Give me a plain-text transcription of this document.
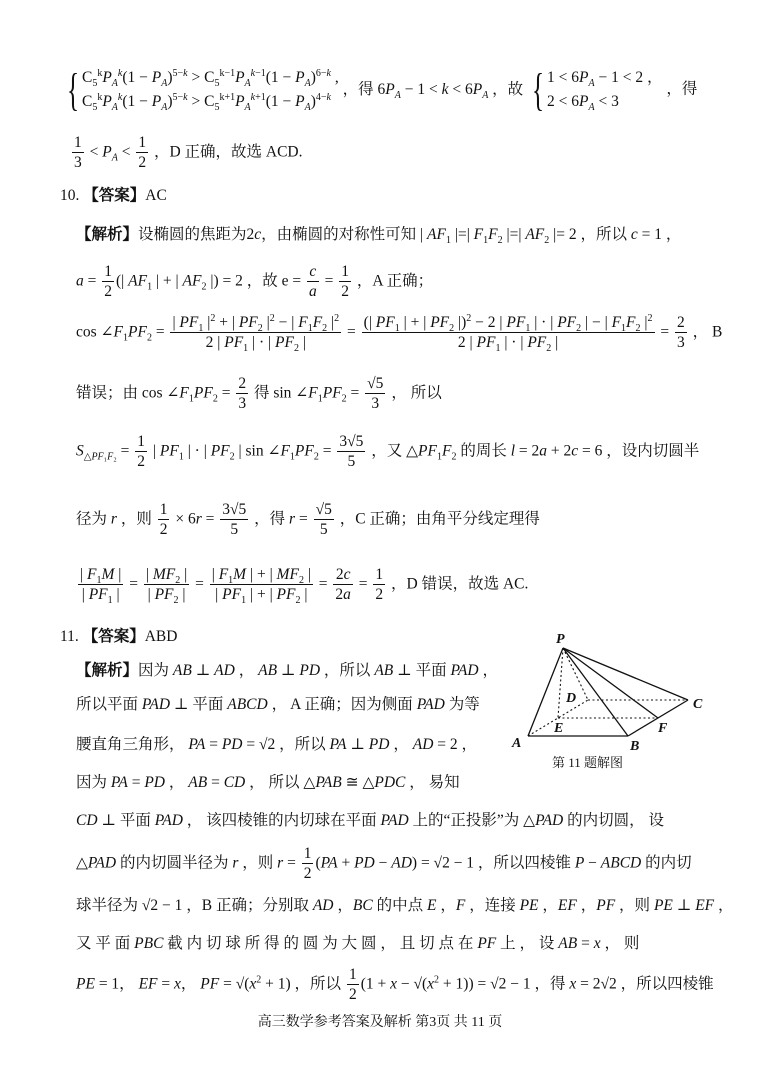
{ $C_5^kP_A^k(1 - P_A)^{5-k} > C_5^{k-1}P_A^{k-1}(1 - P_A)^{6-k}$ ,
$C_5^kP_A^k(1 - P_A)^{5-k} > C_5^{k+1}P_A^{k+1}(1 - P_A)^{4-k}$ ，得 $6P_A - 1 < k < 6P_A$ ，故 { $1 < 6P_A - 1 < 2$ ，
$2 < 6P_A < 3$ ，得
$\frac{1}{3} < P_A < \frac{1}{2}$ ，D 正确，故选 ACD.
10. 【答案】AC
【解析】设椭圆的焦距为2c，由椭圆的对称性可知 | $AF_1$ |=| $F_1F_2$ |=| $AF_2$ |= 2 ，所以 c = 1 ，
$a = \frac{1}{2}$ (| $AF_1$ | + | $AF_2$ |) = 2 ，故 $e = \frac{c}{a} = \frac{1}{2}$ ，A 正确；
$\cos \angle F_1PF_2 = \frac{| PF_1 |^2 + | PF_2 |^2 - | F_1F_2 |^2}{2 | PF_1 | \cdot | PF_2 |} = \frac{(| PF_1 | + | PF_2 |)^2 - 2 | PF_1 | \cdot | PF_2 | - | F_1F_2 |^2}{2 | PF_1 | \cdot | PF_2 |} = \frac{2}{3}$ ， B
错误；由 $\cos \angle F_1PF_2 = \frac{2}{3}$ 得 $\sin \angle F_1PF_2 = \frac{√5}{3}$ ， 所以
$S_{\triangle PF_1F_2} = \frac{1}{2}$ | $PF_1$ | · | $PF_2$ | $\sin \angle F_1PF_2 = \frac{3√5}{5}$ ，又 $\triangle PF_1F_2$ 的周长 l = 2a + 2c = 6 ，设内切圆半
径为 r ，则 $\frac{1}{2} \times 6r = \frac{3√5}{5}$ ，得 $r = \frac{√5}{5}$ ，C 正确；由角平分线定理得
$\frac{| F_1M |}{| PF_1 |} = \frac{| MF_2 |}{| PF_2 |} = \frac{| F_1M | + | MF_2 |}{| PF_1 | + | PF_2 |} = \frac{2c}{2a} = \frac{1}{2}$ ，D 错误，故选 AC.
11. 【答案】ABD
【解析】因为 AB ⊥ AD ， AB ⊥ PD ，所以 AB ⊥ 平面 PAD ，
所以平面 PAD ⊥ 平面 ABCD ， A 正确；因为侧面 PAD 为等
腰直角三角形， PA = PD = √2 ，所以 PA ⊥ PD ， AD = 2 ，
因为 PA = PD ， AB = CD ， 所以 △PAB ≅ △PDC ， 易知
CD ⊥ 平面 PAD ， 该四棱锥的内切球在平面 PAD 上的“正投影”为 △PAD 的内切圆， 设
△PAD 的内切圆半径为 r ，则 $r = \frac{1}{2} (PA$ + PD − AD) = √2 − 1 ，所以四棱锥 P − ABCD 的内切
球半径为 √2 − 1 ，B 正确；分别取 AD ，BC 的中点 E ，F ，连接 PE ，EF ，PF ，则 PE ⊥ EF ，
又 平 面 PBC 截 内 切 球 所 得 的 圆 为 大 圆 ， 且 切 点 在 PF 上 ， 设 AB = x ， 则
PE = 1， EF = x， PF = $√(x^2 + 1)$ ，所以 $\frac{1}{2} (1 + x - √(x^2 + 1)) = √2 - 1$ ，得 x = 2√2 ，所以四棱锥
P
D	C
E	F
A	B
第 11 题解图
高三数学参考答案及解析 第3页 共 11 页
